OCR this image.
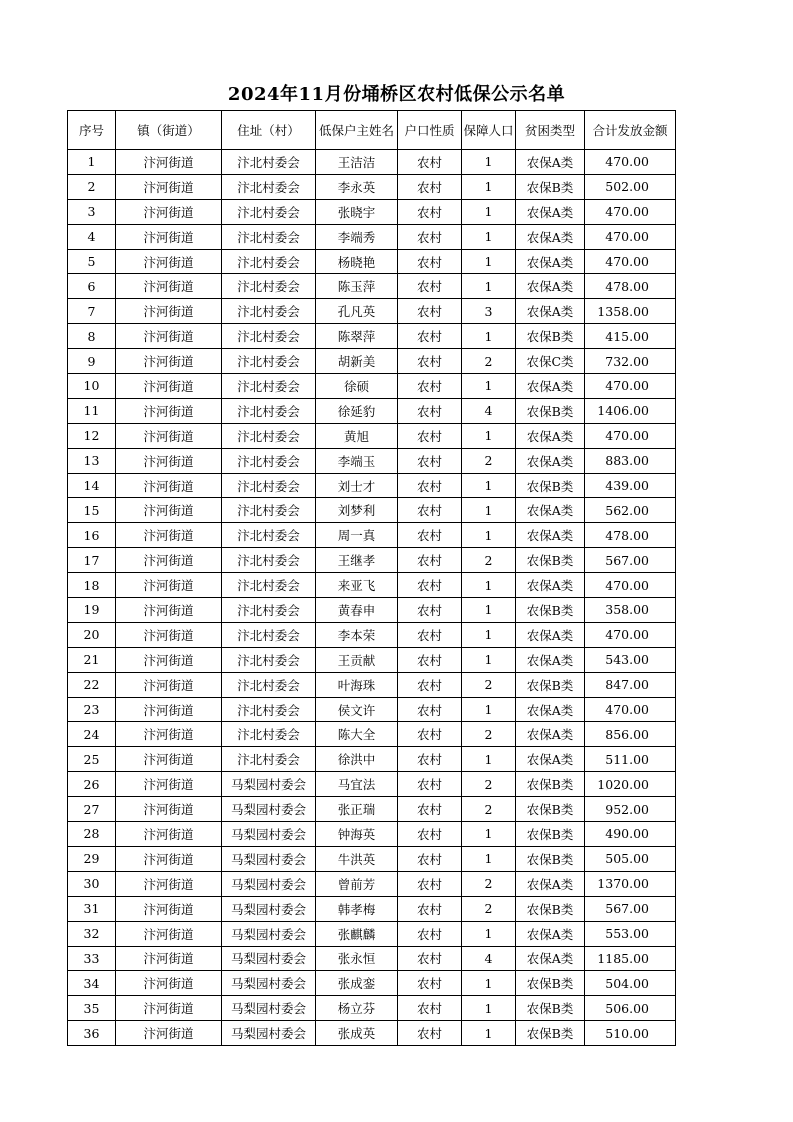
2024年11月份埇桥区农村低保公示名单
序号	镇（街道）	住址（村）	低保户主姓名	户口性质	保障人口	贫困类型	合计发放金额
1	汴河街道	汴北村委会	王洁洁	农村	1	农保A类	470.00
2	汴河街道	汴北村委会	李永英	农村	1	农保B类	502.00
3	汴河街道	汴北村委会	张晓宇	农村	1	农保A类	470.00
4	汴河街道	汴北村委会	李端秀	农村	1	农保A类	470.00
5	汴河街道	汴北村委会	杨晓艳	农村	1	农保A类	470.00
6	汴河街道	汴北村委会	陈玉萍	农村	1	农保A类	478.00
7	汴河街道	汴北村委会	孔凡英	农村	3	农保A类	1358.00
8	汴河街道	汴北村委会	陈翠萍	农村	1	农保B类	415.00
9	汴河街道	汴北村委会	胡新美	农村	2	农保C类	732.00
10	汴河街道	汴北村委会	徐硕	农村	1	农保A类	470.00
11	汴河街道	汴北村委会	徐延豹	农村	4	农保B类	1406.00
12	汴河街道	汴北村委会	黄旭	农村	1	农保A类	470.00
13	汴河街道	汴北村委会	李端玉	农村	2	农保A类	883.00
14	汴河街道	汴北村委会	刘士才	农村	1	农保B类	439.00
15	汴河街道	汴北村委会	刘梦利	农村	1	农保A类	562.00
16	汴河街道	汴北村委会	周一真	农村	1	农保A类	478.00
17	汴河街道	汴北村委会	王继孝	农村	2	农保B类	567.00
18	汴河街道	汴北村委会	来亚飞	农村	1	农保A类	470.00
19	汴河街道	汴北村委会	黄春申	农村	1	农保B类	358.00
20	汴河街道	汴北村委会	李本荣	农村	1	农保A类	470.00
21	汴河街道	汴北村委会	王贡献	农村	1	农保A类	543.00
22	汴河街道	汴北村委会	叶海珠	农村	2	农保B类	847.00
23	汴河街道	汴北村委会	侯文许	农村	1	农保A类	470.00
24	汴河街道	汴北村委会	陈大全	农村	2	农保A类	856.00
25	汴河街道	汴北村委会	徐洪中	农村	1	农保A类	511.00
26	汴河街道	马梨园村委会	马宜法	农村	2	农保B类	1020.00
27	汴河街道	马梨园村委会	张正瑞	农村	2	农保B类	952.00
28	汴河街道	马梨园村委会	钟海英	农村	1	农保B类	490.00
29	汴河街道	马梨园村委会	牛洪英	农村	1	农保B类	505.00
30	汴河街道	马梨园村委会	曾前芳	农村	2	农保A类	1370.00
31	汴河街道	马梨园村委会	韩孝梅	农村	2	农保B类	567.00
32	汴河街道	马梨园村委会	张麒麟	农村	1	农保A类	553.00
33	汴河街道	马梨园村委会	张永恒	农村	4	农保A类	1185.00
34	汴河街道	马梨园村委会	张成銮	农村	1	农保B类	504.00
35	汴河街道	马梨园村委会	杨立芬	农村	1	农保B类	506.00
36	汴河街道	马梨园村委会	张成英	农村	1	农保B类	510.00
